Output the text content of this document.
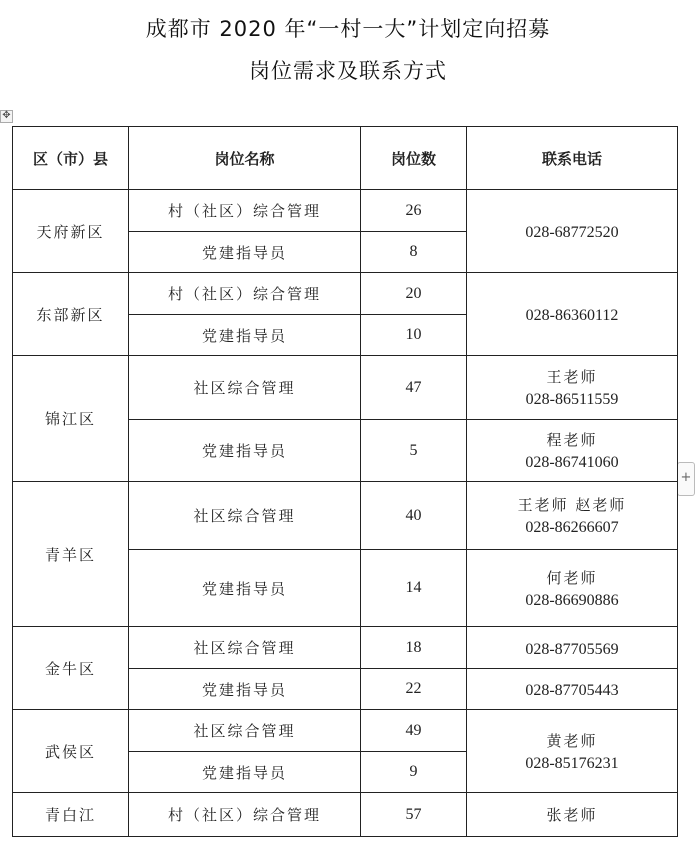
成都市 2020 年“一村一大”计划定向招募
岗位需求及联系方式
✥
+
区（市）县	岗位名称	岗位数	联系电话
天府新区	村（社区）综合管理	26	028-68772520

	党建指导员	8	
东部新区	村（社区）综合管理	20	028-86360112

	党建指导员	10	
锦江区	社区综合管理	47	王老师
028-86511559

	党建指导员	5	程老师
028-86741060

青羊区	社区综合管理	40	王老师 赵老师
028-86266607

	党建指导员	14	何老师
028-86690886

金牛区	社区综合管理	18	028-87705569

	党建指导员	22	028-87705443

武侯区	社区综合管理	49	黄老师
028-85176231

	党建指导员	9	
青白江	村（社区）综合管理	57	张老师
